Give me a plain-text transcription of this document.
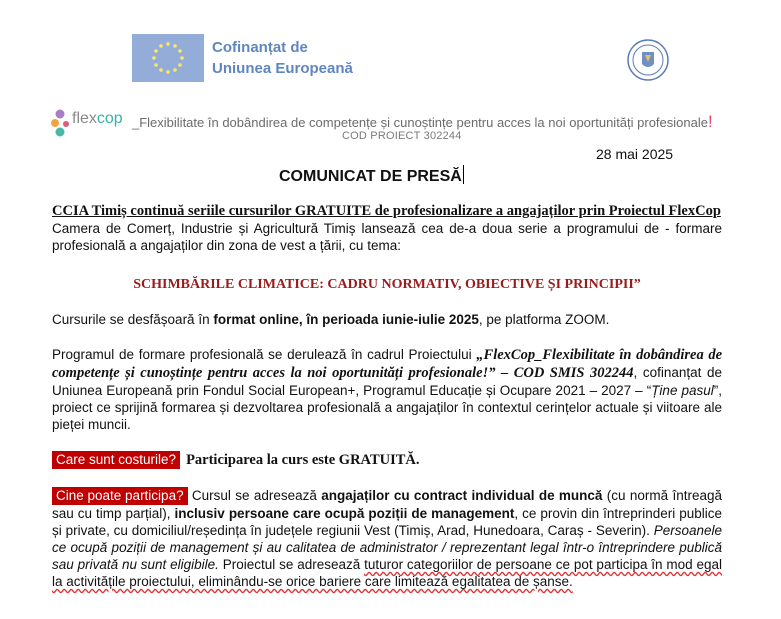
Cofinanțat de
Uniunea Europeană
flexcop _Flexibilitate în dobândirea de competențe și cunoștințe pentru acces la noi oportunități profesionale!
COD PROIECT 302244
28 mai 2025
COMUNICAT DE PRESĂ

CCIA Timiș continuă seriile cursurilor GRATUITE de profesionalizare a angajaților prin Proiectul FlexCop

Camera de Comerț, Industrie și Agricultură Timiș lansează cea de-a doua serie a programului de - formare profesională a angajaților din zona de vest a țării, cu tema:

SCHIMBĂRILE CLIMATICE: CADRU NORMATIV, OBIECTIVE ȘI PRINCIPII”

Cursurile se desfășoară în format online, în perioada iunie-iulie 2025, pe platforma ZOOM.

Programul de formare profesională se derulează în cadrul Proiectului „FlexCop_Flexibilitate în dobândirea de competențe și cunoștințe pentru acces la noi oportunități profesionale!” – COD SMIS 302244, cofinanțat de Uniunea Europeană prin Fondul Social European+, Programul Educație și Ocupare 2021 – 2027 – “Ține pasul”, proiect ce sprijină formarea și dezvoltarea profesională a angajaților în contextul cerințelor actuale și viitoare ale pieței muncii.

Care sunt costurile? Participarea la curs este GRATUITĂ.

Cine poate participa? Cursul se adresează angajaților cu contract individual de muncă (cu normă întreagă sau cu timp parțial), inclusiv persoane care ocupă poziții de management, ce provin din întreprinderi publice și private, cu domiciliul/reședința în județele regiunii Vest (Timiș, Arad, Hunedoara, Caraș - Severin). Persoanele ce ocupă poziții de management și au calitatea de administrator / reprezentant legal într-o întreprindere publică sau privată nu sunt eligibile. Proiectul se adresează tuturor categoriilor de persoane ce pot participa în mod egal la activitățile proiectului, eliminându-se orice bariere care limitează egalitatea de șanse.
